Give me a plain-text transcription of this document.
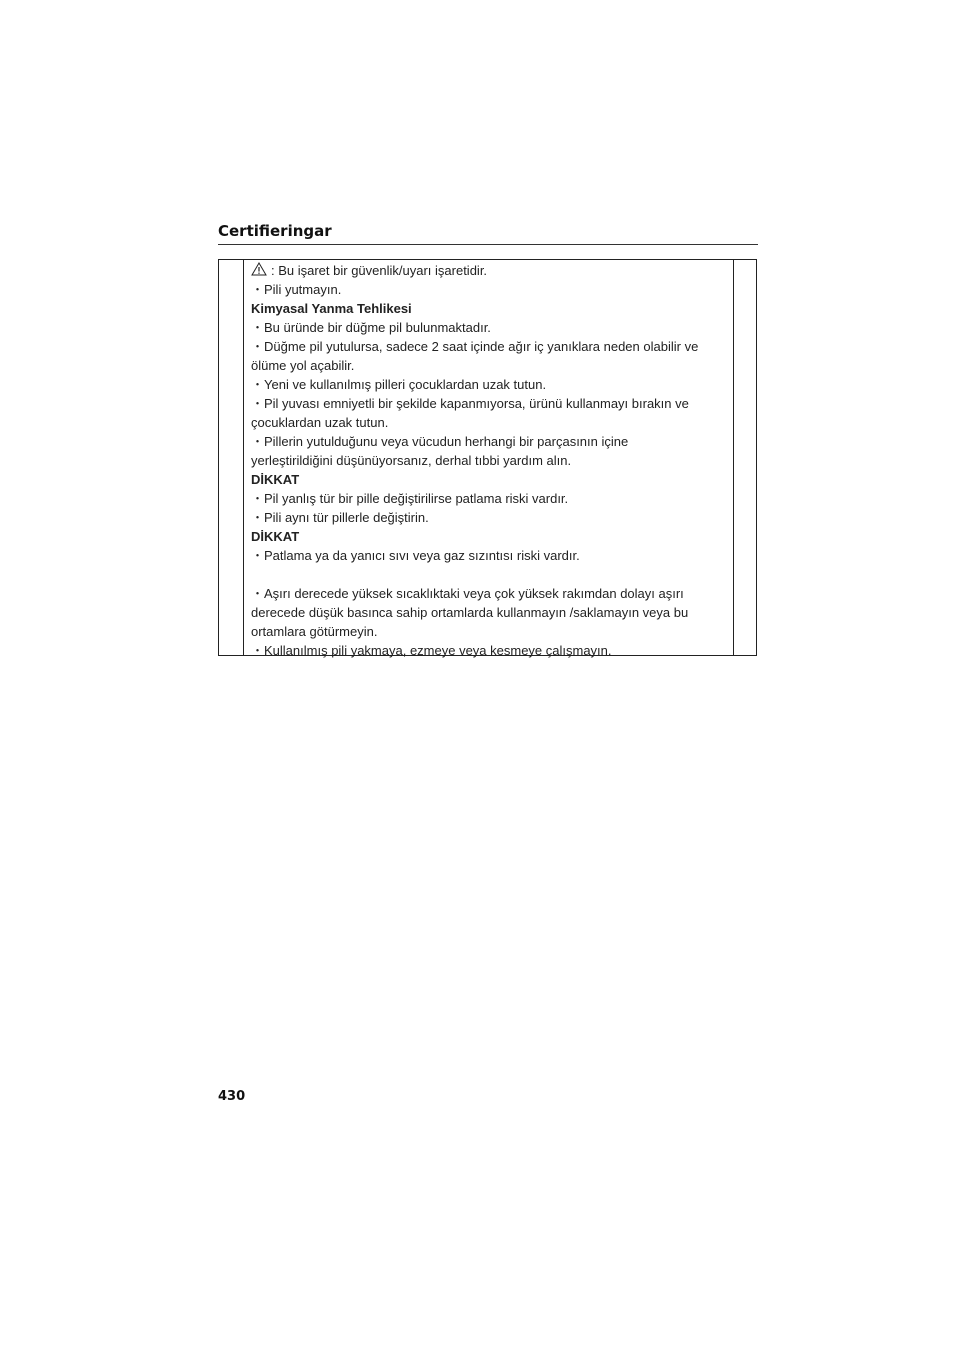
Certifieringar
: Bu işaret bir güvenlik/uyarı işaretidir.
・Pili yutmayın.
Kimyasal Yanma Tehlikesi
・Bu üründe bir düğme pil bulunmaktadır.
・Düğme pil yutulursa, sadece 2 saat içinde ağır iç yanıklara neden olabilir ve
ölüme yol açabilir.
・Yeni ve kullanılmış pilleri çocuklardan uzak tutun.
・Pil yuvası emniyetli bir şekilde kapanmıyorsa, ürünü kullanmayı bırakın ve
çocuklardan uzak tutun.
・Pillerin yutulduğunu veya vücudun herhangi bir parçasının içine
yerleştirildiğini düşünüyorsanız, derhal tıbbi yardım alın.
DİKKAT
・Pil yanlış tür bir pille değiştirilirse patlama riski vardır.
・Pili aynı tür pillerle değiştirin.
DİKKAT
・Patlama ya da yanıcı sıvı veya gaz sızıntısı riski vardır.
・Aşırı derecede yüksek sıcaklıktaki veya çok yüksek rakımdan dolayı aşırı
derecede düşük basınca sahip ortamlarda kullanmayın /saklamayın veya bu
ortamlara götürmeyin.
・Kullanılmış pili yakmaya, ezmeye veya kesmeye çalışmayın.
430
